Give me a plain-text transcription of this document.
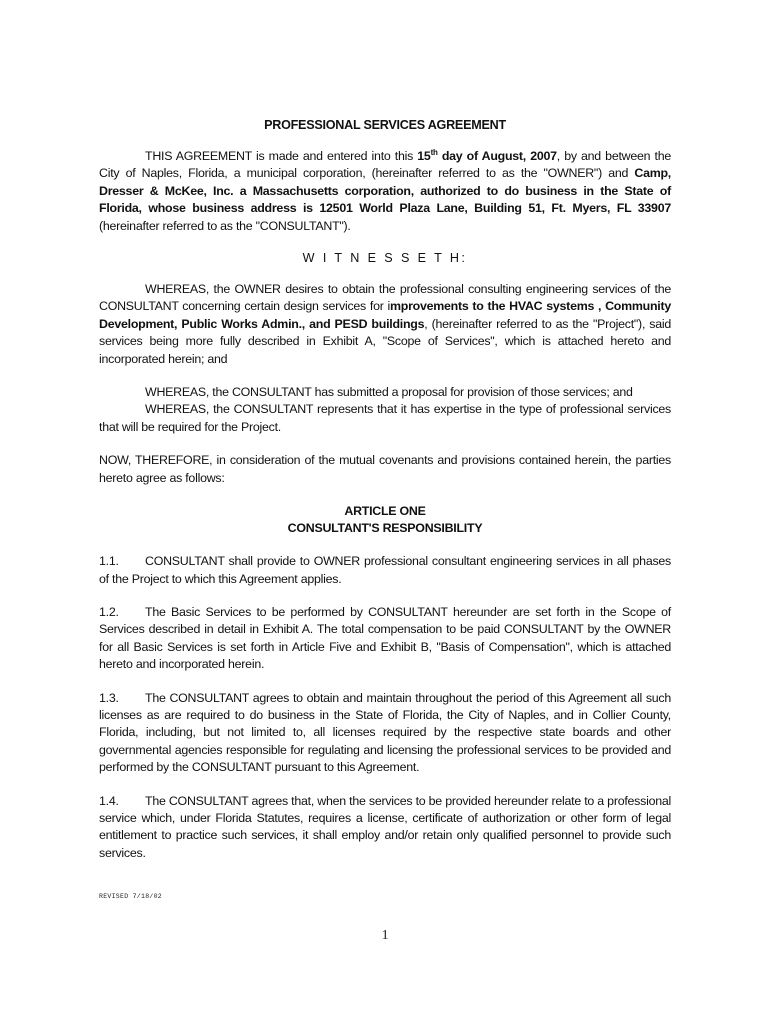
PROFESSIONAL SERVICES AGREEMENT

THIS AGREEMENT is made and entered into this 15th day of August, 2007, by and between the City of Naples, Florida, a municipal corporation, (hereinafter referred to as the "OWNER") and Camp, Dresser & McKee, Inc. a Massachusetts corporation, authorized to do business in the State of Florida, whose business address is 12501 World Plaza Lane, Building 51, Ft. Myers, FL 33907 (hereinafter referred to as the "CONSULTANT").

W I T N E S S E T H:

WHEREAS, the OWNER desires to obtain the professional consulting engineering services of the CONSULTANT concerning certain design services for improvements to the HVAC systems , Community Development, Public Works Admin., and PESD buildings, (hereinafter referred to as the "Project"), said services being more fully described in Exhibit A, "Scope of Services", which is attached hereto and incorporated herein; and

WHEREAS, the CONSULTANT has submitted a proposal for provision of those services; and

WHEREAS, the CONSULTANT represents that it has expertise in the type of professional services that will be required for the Project.

NOW, THEREFORE, in consideration of the mutual covenants and provisions contained herein, the parties hereto agree as follows:

ARTICLE ONE
CONSULTANT'S RESPONSIBILITY

1.1. CONSULTANT shall provide to OWNER professional consultant engineering services in all phases of the Project to which this Agreement applies.

1.2. The Basic Services to be performed by CONSULTANT hereunder are set forth in the Scope of Services described in detail in Exhibit A. The total compensation to be paid CONSULTANT by the OWNER for all Basic Services is set forth in Article Five and Exhibit B, "Basis of Compensation", which is attached hereto and incorporated herein.

1.3. The CONSULTANT agrees to obtain and maintain throughout the period of this Agreement all such licenses as are required to do business in the State of Florida, the City of Naples, and in Collier County, Florida, including, but not limited to, all licenses required by the respective state boards and other governmental agencies responsible for regulating and licensing the professional services to be provided and performed by the CONSULTANT pursuant to this Agreement.

1.4. The CONSULTANT agrees that, when the services to be provided hereunder relate to a professional service which, under Florida Statutes, requires a license, certificate of authorization or other form of legal entitlement to practice such services, it shall employ and/or retain only qualified personnel to provide such services.

REVISED 7/18/02
1
